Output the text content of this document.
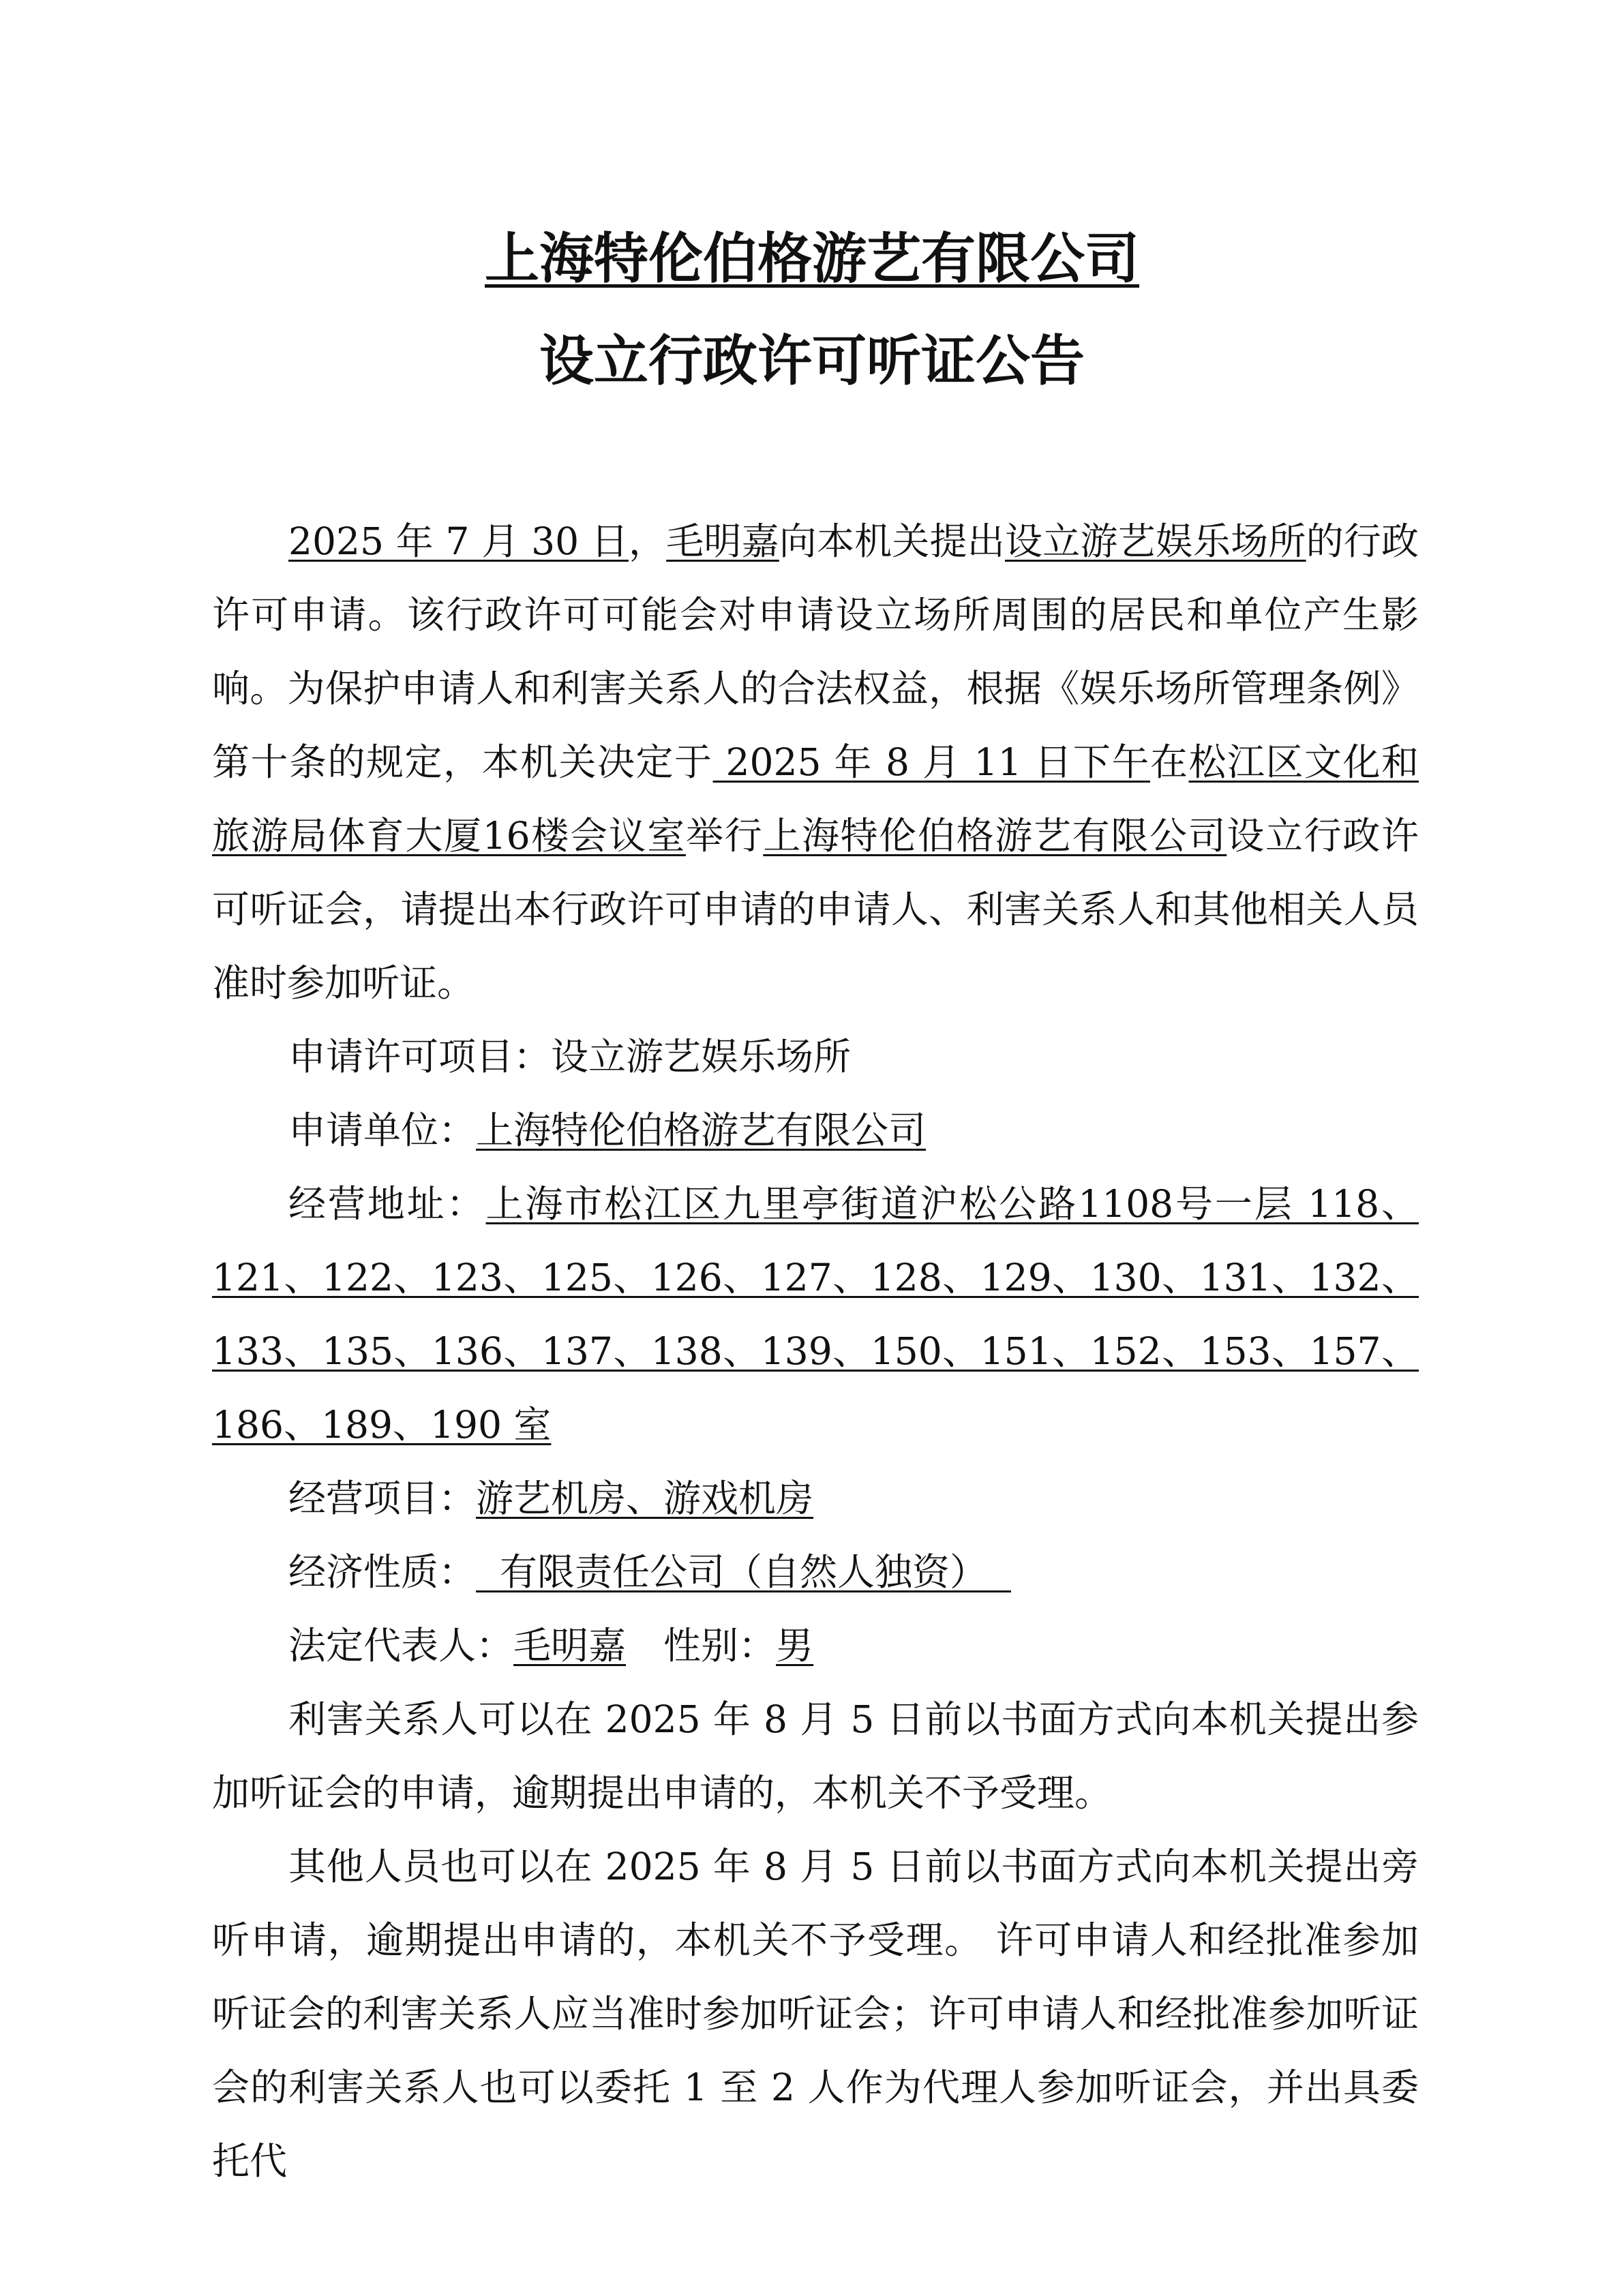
上海特伦伯格游艺有限公司
设立行政许可听证公告

2025 年 7 月 30 日，毛明嘉向本机关提出设立游艺娱乐场所的行政许可申请。该行政许可可能会对申请设立场所周围的居民和单位产生影响。为保护申请人和利害关系人的合法权益，根据《娱乐场所管理条例》第十条的规定，本机关决定于 2025 年 8 月 11 日下午在松江区文化和旅游局体育大厦16楼会议室举行上海特伦伯格游艺有限公司设立行政许可听证会，请提出本行政许可申请的申请人、利害关系人和其他相关人员准时参加听证。

申请许可项目：设立游艺娱乐场所

申请单位：上海特伦伯格游艺有限公司

经营地址：上海市松江区九里亭街道沪松公路1108号一层 118、121、122、123、125、126、127、128、129、130、131、132、133、135、136、137、138、139、150、151、152、153、157、186、189、190 室

经营项目：游艺机房、游戏机房

经济性质：  有限责任公司（自然人独资）

法定代表人：毛明嘉 性别：男

利害关系人可以在 2025 年 8 月 5 日前以书面方式向本机关提出参加听证会的申请，逾期提出申请的，本机关不予受理。

其他人员也可以在 2025 年 8 月 5 日前以书面方式向本机关提出旁听申请，逾期提出申请的，本机关不予受理。 许可申请人和经批准参加听证会的利害关系人应当准时参加听证会；许可申请人和经批准参加听证会的利害关系人也可以委托 1 至 2 人作为代理人参加听证会，并出具委托代
